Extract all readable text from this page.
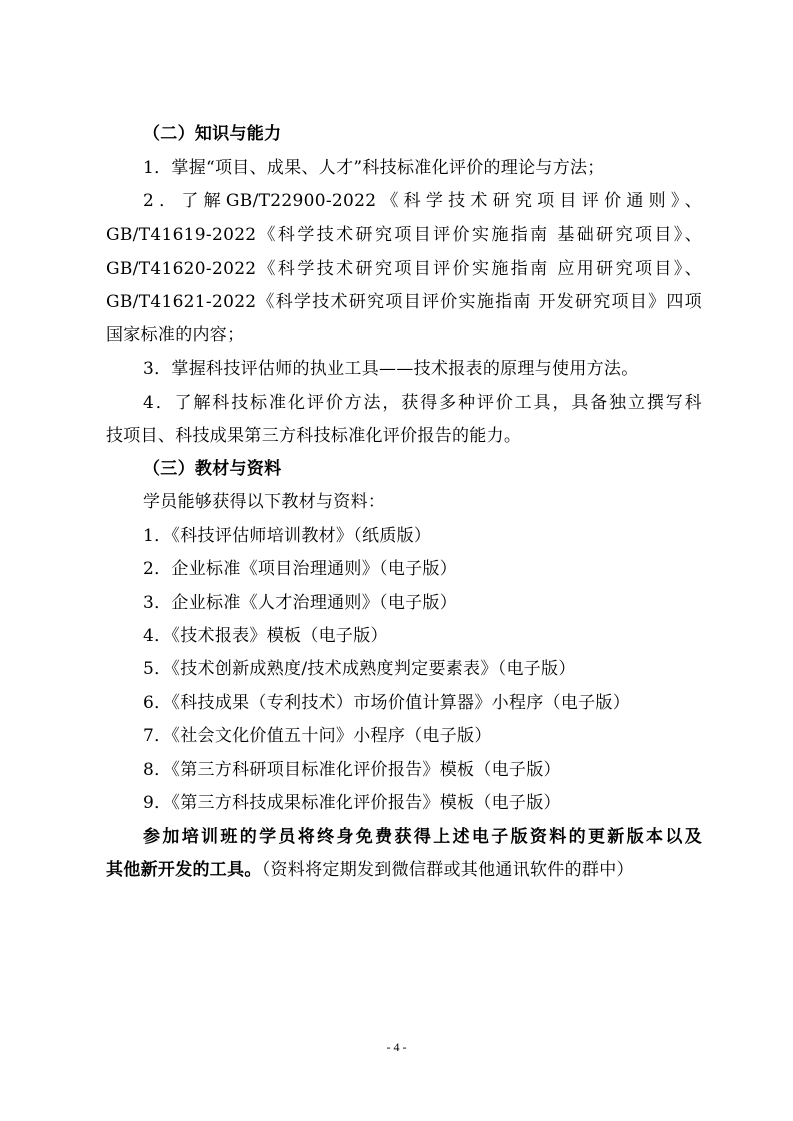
（二）知识与能力
1．掌握“项目、成果、人才”科技标准化评价的理论与方法；
2．了解GB/T22900-2022《科学技术研究项目评价通则》、
GB/T41619-2022《科学技术研究项目评价实施指南 基础研究项目》、
GB/T41620-2022《科学技术研究项目评价实施指南 应用研究项目》、
GB/T41621-2022《科学技术研究项目评价实施指南 开发研究项目》四项
国家标准的内容；
3．掌握科技评估师的执业工具——技术报表的原理与使用方法。
4．了解科技标准化评价方法，获得多种评价工具，具备独立撰写科
技项目、科技成果第三方科技标准化评价报告的能力。
（三）教材与资料
学员能够获得以下教材与资料：
1．《科技评估师培训教材》（纸质版）
2．企业标准《项目治理通则》（电子版）
3．企业标准《人才治理通则》（电子版）
4．《技术报表》模板（电子版）
5．《技术创新成熟度/技术成熟度判定要素表》（电子版）
6．《科技成果（专利技术）市场价值计算器》小程序（电子版）
7．《社会文化价值五十问》小程序（电子版）
8．《第三方科研项目标准化评价报告》模板（电子版）
9．《第三方科技成果标准化评价报告》模板（电子版）
参加培训班的学员将终身免费获得上述电子版资料的更新版本以及
其他新开发的工具。（资料将定期发到微信群或其他通讯软件的群中）
- 4 -
